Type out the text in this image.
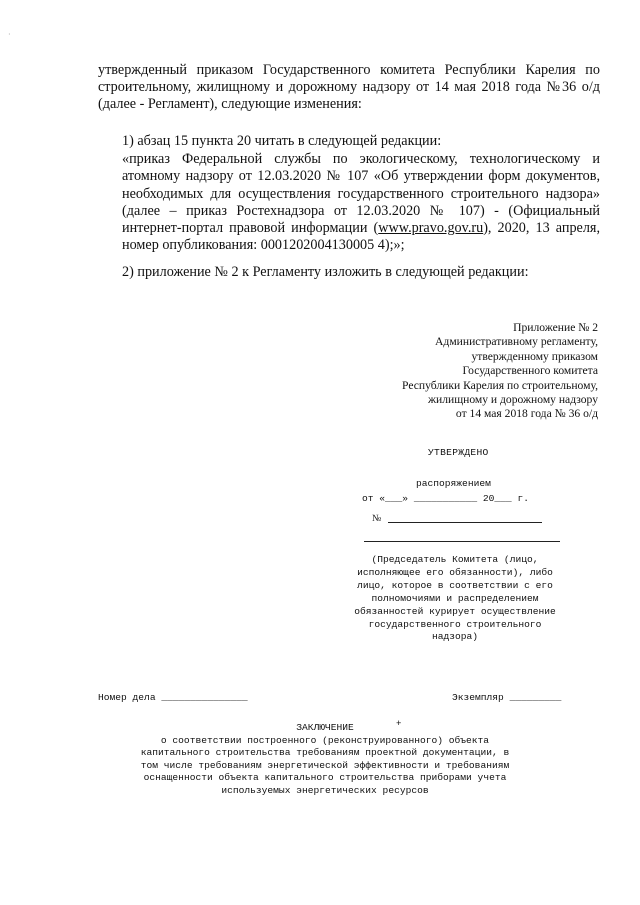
·
утвержденный приказом Государственного комитета Республики Карелия по строительному, жилищному и дорожному надзору от 14 мая 2018 года №36 о/д (далее - Регламент), следующие изменения:
1) абзац 15 пункта 20 читать в следующей редакции:
«приказ Федеральной службы по экологическому, технологическому и атомному надзору от 12.03.2020 № 107 «Об утверждении форм документов, необходимых для осуществления государственного строительного надзора» (далее – приказ Ростехнадзора от 12.03.2020 № 107) - (Официальный интернет-портал правовой информации (www.pravo.gov.ru), 2020, 13 апреля, номер опубликования: 0001202004130005 4);»;
2) приложение № 2 к Регламенту изложить в следующей редакции:
Приложение № 2
Административному регламенту,
утвержденному приказом
Государственного комитета
Республики Карелия по строительному,
жилищному и дорожному надзору
от 14 мая 2018 года № 36 о/д
УТВЕРЖДЕНО
распоряжением
от «___» ___________ 20___ г.
№
(Председатель Комитета (лицо, исполняющее его обязанности), либо лицо, которое в соответствии с его полномочиями и распределением обязанностей курирует осуществление государственного строительного надзора)
Номер дела _______________	Экземпляр _________
+
ЗАКЛЮЧЕНИЕ
о соответствии построенного (реконструированного) объекта капитального строительства требованиям проектной документации, в том числе требованиям энергетической эффективности и требованиям оснащенности объекта капитального строительства приборами учета используемых энергетических ресурсов
